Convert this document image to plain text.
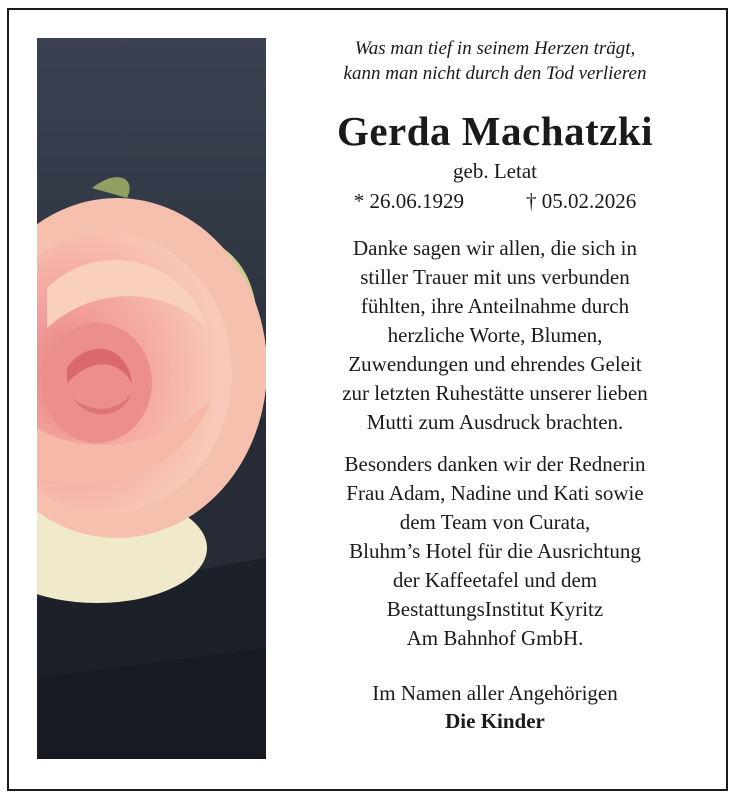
Was man tief in seinem Herzen trägt,
kann man nicht durch den Tod verlieren

Gerda Machatzki

geb. Letat

* 26.06.1929	† 05.02.2026

Danke sagen wir allen, die sich in
stiller Trauer mit uns verbunden
fühlten, ihre Anteilnahme durch
herzliche Worte, Blumen,
Zuwendungen und ehrendes Geleit
zur letzten Ruhestätte unserer lieben
Mutti zum Ausdruck brachten.

Besonders danken wir der Rednerin
Frau Adam, Nadine und Kati sowie
dem Team von Curata,
Bluhm’s Hotel für die Ausrichtung
der Kaffeetafel und dem
BestattungsInstitut Kyritz
Am Bahnhof GmbH.

Im Namen aller Angehörigen
Die Kinder
